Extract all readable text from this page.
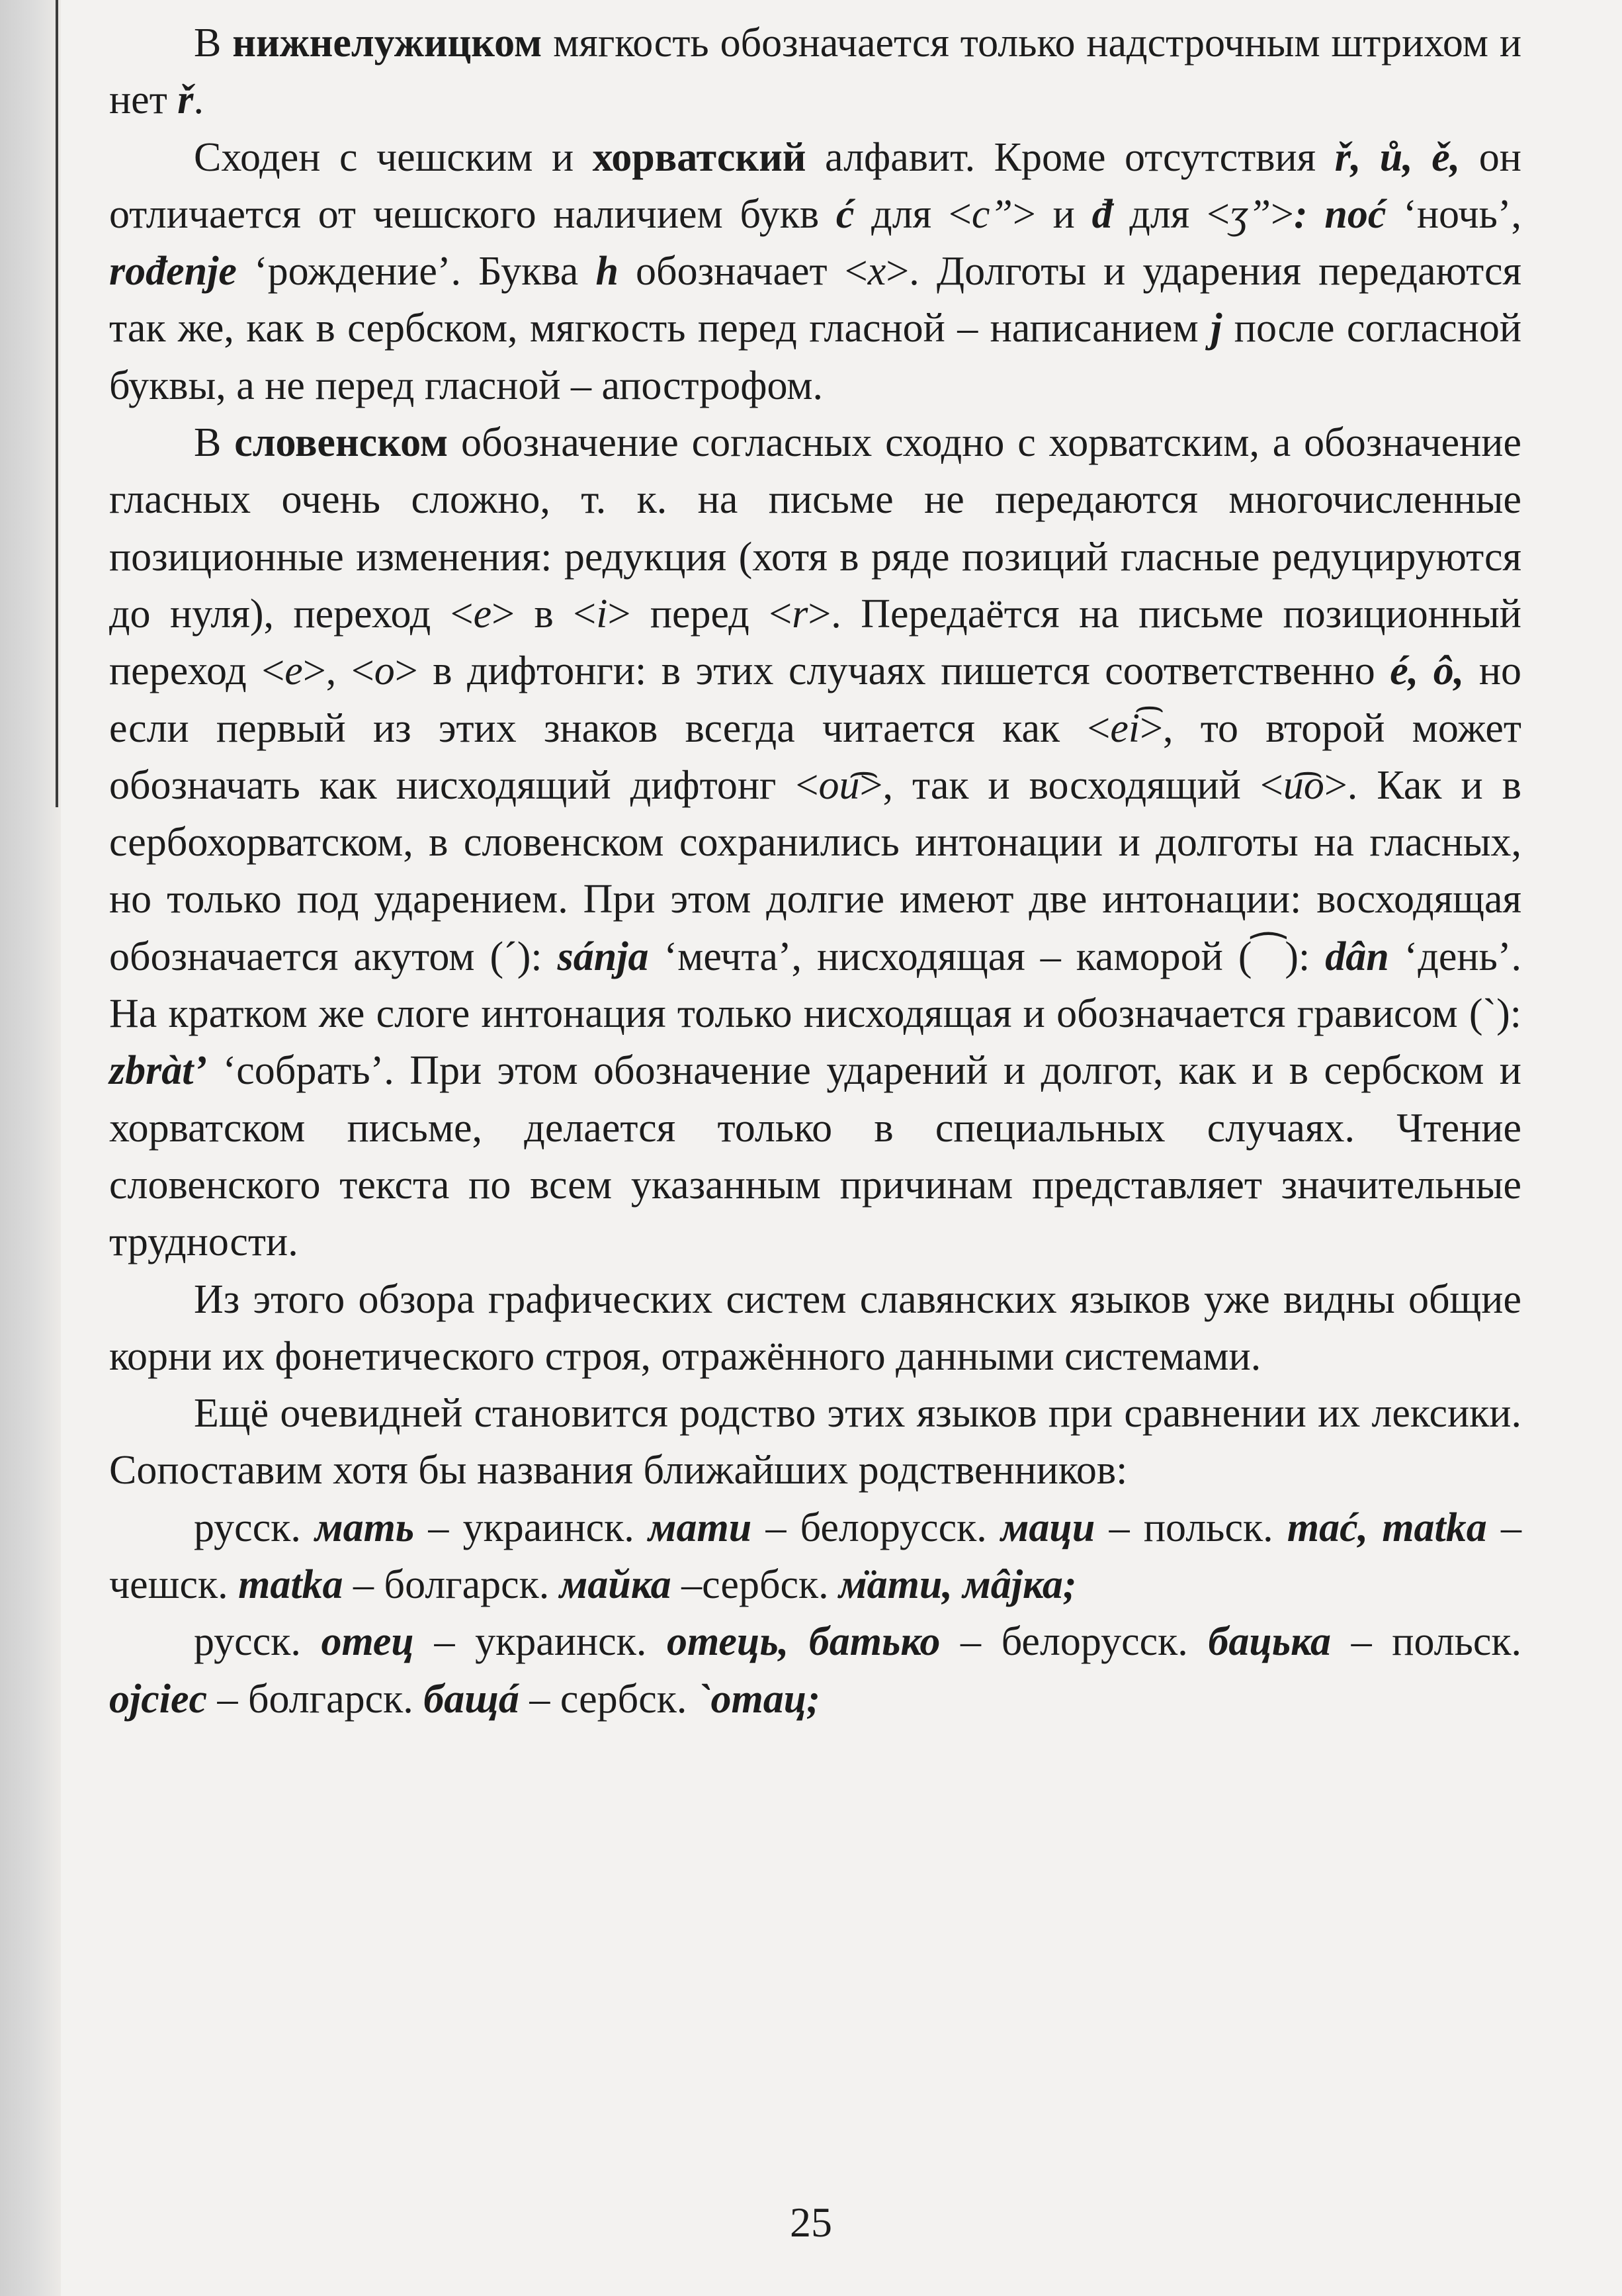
В нижнелужицком мягкость обозначается только надстрочным штрихом и нет ř.

Сходен с чешским и хорватский алфавит. Кроме отсутствия ř, ů, ě, он отличается от чешского наличием букв ć для <c”> и đ для <ʒ”>: noć ‘ночь’, rođenje ‘рождение’. Буква h обозначает <x>. Долготы и ударения передаются так же, как в сербском, мягкость перед гласной – написанием j после согласной буквы, а не перед гласной – апострофом.

В словенском обозначение согласных сходно с хорватским, а обозначение гласных очень сложно, т. к. на письме не передаются многочисленные позиционные изменения: редукция (хотя в ряде позиций гласные редуцируются до нуля), переход <e> в <i> перед <r>. Передаётся на письме позиционный переход <e>, <o> в дифтонги: в этих случаях пишется соответственно é, ô, но если первый из этих знаков всегда читается как <ei͡>, то второй может обозначать как нисходящий дифтонг <ou͡>, так и восходящий <u͡o>. Как и в сербохорватском, в словенском сохранились интонации и долготы на гласных, но только под ударением. При этом долгие имеют две интонации: восходящая обозначается акутом (´): sánja ‘мечта’, нисходящая – каморой (⁀): dân ‘день’. На кратком же слоге интонация только нисходящая и обозначается грависом (`): zbràt’ ‘собрать’. При этом обозначение ударений и долгот, как и в сербском и хорватском письме, делается только в специальных случаях. Чтение словенского текста по всем указанным причинам представляет значительные трудности.

Из этого обзора графических систем славянских языков уже видны общие корни их фонетического строя, отражённого данными системами.

Ещё очевидней становится родство этих языков при сравнении их лексики. Сопоставим хотя бы названия ближайших родственников:

русск. мать – украинск. мати – белорусск. маци – польск. mać, matka – чешск. matka – болгарск. майка –сербск. м̈ати, мâјка;

русск. отец – украинск. отець, батько – белорусск. бацька – польск. ojciec – болгарск. бащá – сербск. `отац;

25
